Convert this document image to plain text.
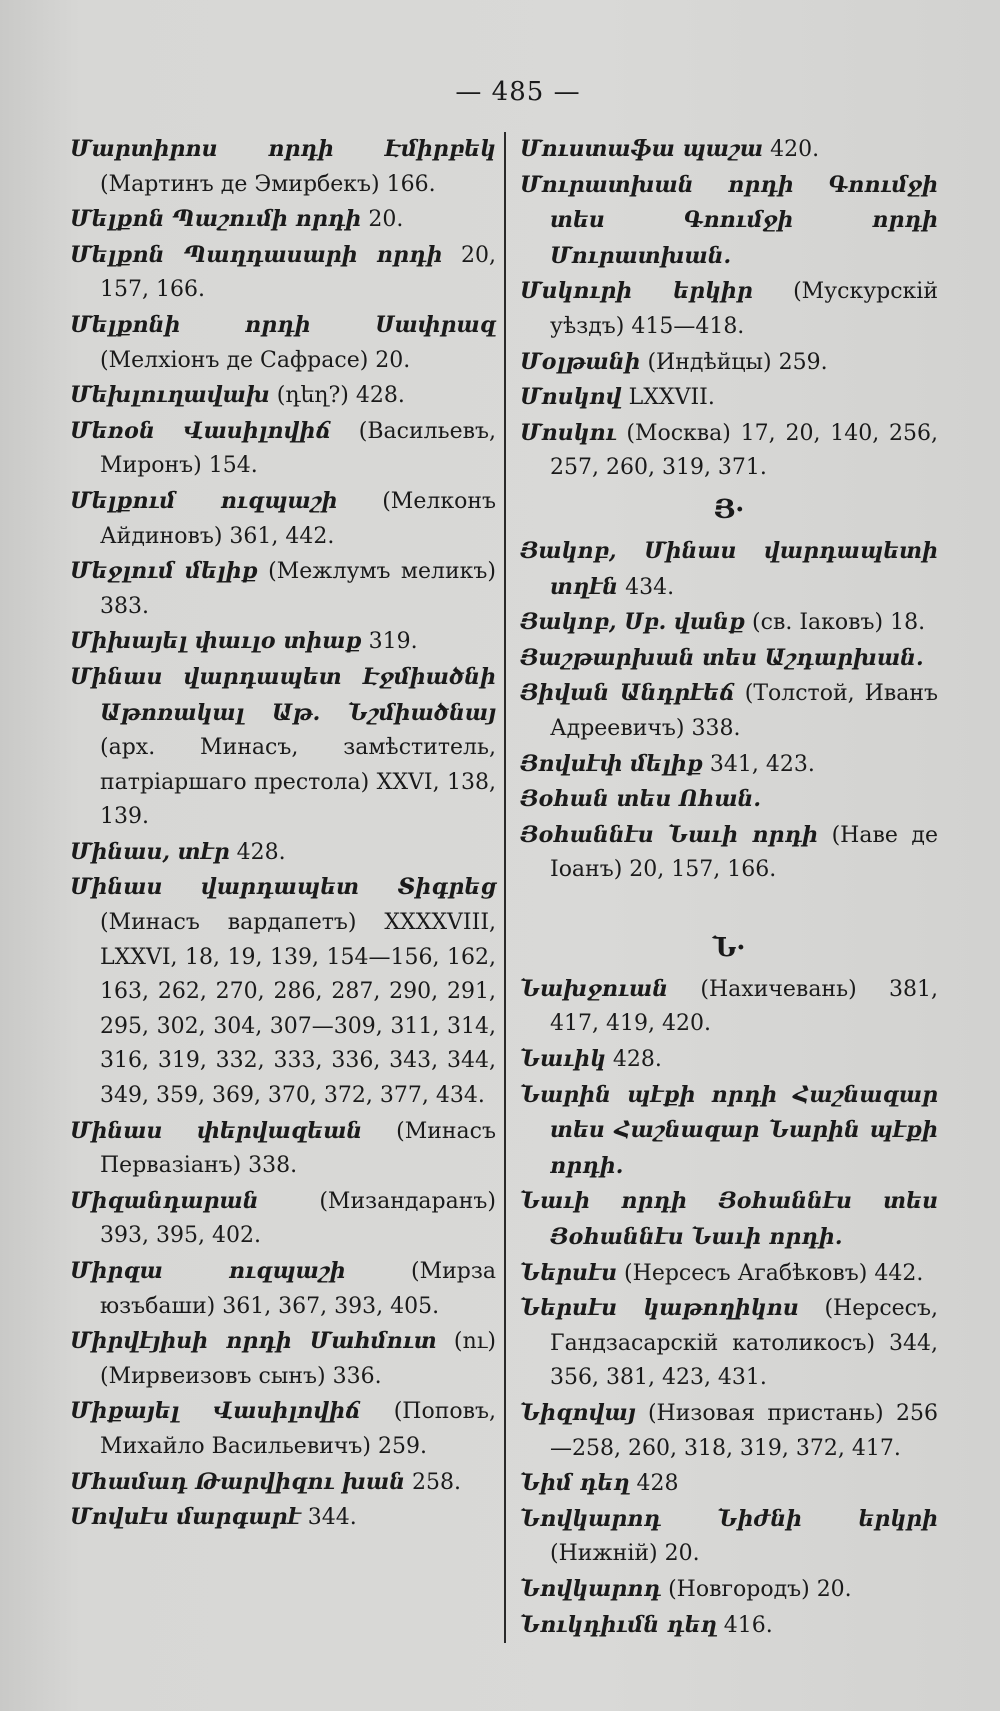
— 485 —

Մարտիրոս որդի Էմիրբեկ (Мартинъ де Эмирбекъ) 166.

Մելքոն Պաշումի որդի 20.

Մելքոն Պաղդասարի որդի 20, 157, 166.

Մելքոնի որդի Սափրազ (Мелхіонъ де Сафрасе) 20.

Մեխլուղավախ (դեղ?) 428.

Մեռօն Վասիլովիճ (Васильевъ, Миронъ) 154.

Մելքում ուզպաշի (Мелконъ Айдиновъ) 361, 442.

Մեջլում մելիք (Межлумъ меликъ) 383.

Միխայել փաւլօ տիաք 319.

Մինաս վարդապետ Էջմիածնի Աթոռակալ Աթ. Նշմիածնայ (арх. Минасъ, замѣститель, патріаршаго престола) XXVI, 138, 139.

Մինաս, տէր 428.

Մինաս վարդապետ Տիգրեց (Минасъ вардапетъ) XXXXVIII, LXXVI, 18, 19, 139, 154—156, 162, 163, 262, 270, 286, 287, 290, 291, 295, 302, 304, 307—309, 311, 314, 316, 319, 332, 333, 336, 343, 344, 349, 359, 369, 370, 372, 377, 434.

Մինաս փերվազեան (Минасъ Первазіанъ) 338.

Միզանդարան (Мизандаранъ) 393, 395, 402.

Միրզա ուզպաշի (Мирза юзъбаши) 361, 367, 393, 405.

Միրվէյիսի որդի Մահմուտ (ու) (Мирвеизовъ сынъ) 336.

Միքայել Վասիլովիճ (Поповъ, Михайло Васильевичъ) 259.

Մհամադ Թարվիզու խան 258.

Մովսէս մարգարէ 344.

Մուստաֆա պաշա 420.

Մուրատխան որդի Գոումջի տես Գոումջի որդի Մուրատխան.

Մսկուրի երկիր (Мускурскій уѣздъ) 415—418.

Մօլթանի (Индѣйцы) 259.

Մոսկով LXXVII.

Մոսկու (Москва) 17, 20, 140, 256, 257, 260, 319, 371.

Յ·

Յակոբ, Մինաս վարդապետի տղէն 434.

Յակոբ, Սբ. վանք (св. Іаковъ) 18.

Յաշթարխան տես Աշդարխան.

Յիվան Անդրէեճ (Толстой, Иванъ Адреевичъ) 338.

Յովսէփ մելիք 341, 423.

Յօհան տես Ոհան.

Յօհաննէս Նաւի որդի (Наве де Іоанъ) 20, 157, 166.

Ն·

Նախջուան (Нахичевань) 381, 417, 419, 420.

Նաւիկ 428.

Նարին պէքի որդի Հաշնազար տես Հաշնազար Նարին պէքի որդի.

Նաւի որդի Յօհաննէս տես Յօհաննէս Նաւի որդի.

Ներսէս (Нерсесъ Агабѣковъ) 442.

Ներսէս կաթողիկոս (Нерсесъ, Гандзасарскій католикосъ) 344, 356, 381, 423, 431.

Նիզովայ (Низовая пристань) 256—258, 260, 318, 319, 372, 417.

Նիմ դեղ 428

Նովկարոդ Նիժնի երկրի (Нижній) 20.

Նովկարոդ (Новгородъ) 20.

Նուկդիւմն դեղ 416.
